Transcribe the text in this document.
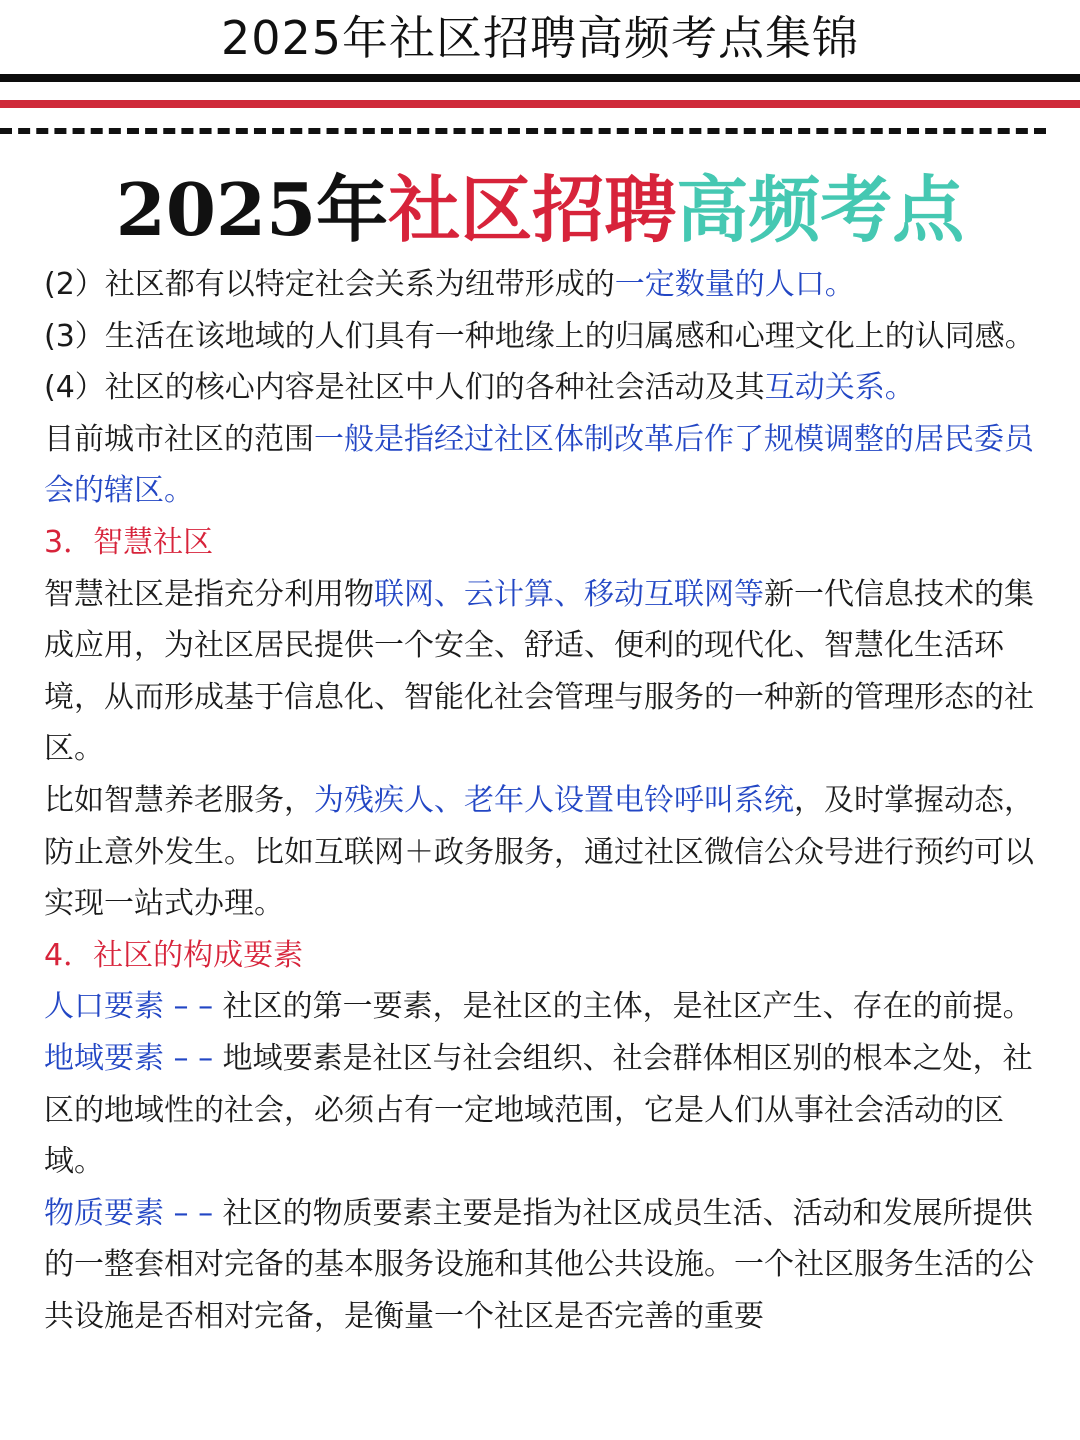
2025年社区招聘高频考点集锦
2025年社区招聘高频考点

(2）社区都有以特定社会关系为纽带形成的一定数量的人口。

(3）生活在该地域的人们具有一种地缘上的归属感和心理文化上的认同感。

(4）社区的核心内容是社区中人们的各种社会活动及其互动关系。

目前城市社区的范围一般是指经过社区体制改革后作了规模调整的居民委员会的辖区。

3．智慧社区

智慧社区是指充分利用物联网、云计算、移动互联网等新一代信息技术的集成应用，为社区居民提供一个安全、舒适、便利的现代化、智慧化生活环境，从而形成基于信息化、智能化社会管理与服务的一种新的管理形态的社区。

比如智慧养老服务，为残疾人、老年人设置电铃呼叫系统，及时掌握动态，防止意外发生。比如互联网＋政务服务，通过社区微信公众号进行预约可以实现一站式办理。

4．社区的构成要素

人口要素 – – 社区的第一要素，是社区的主体，是社区产生、存在的前提。

地域要素 – – 地域要素是社区与社会组织、社会群体相区别的根本之处，社区的地域性的社会，必须占有一定地域范围，它是人们从事社会活动的区域。

物质要素 – – 社区的物质要素主要是指为社区成员生活、活动和发展所提供的一整套相对完备的基本服务设施和其他公共设施。一个社区服务生活的公共设施是否相对完备，是衡量一个社区是否完善的重要
